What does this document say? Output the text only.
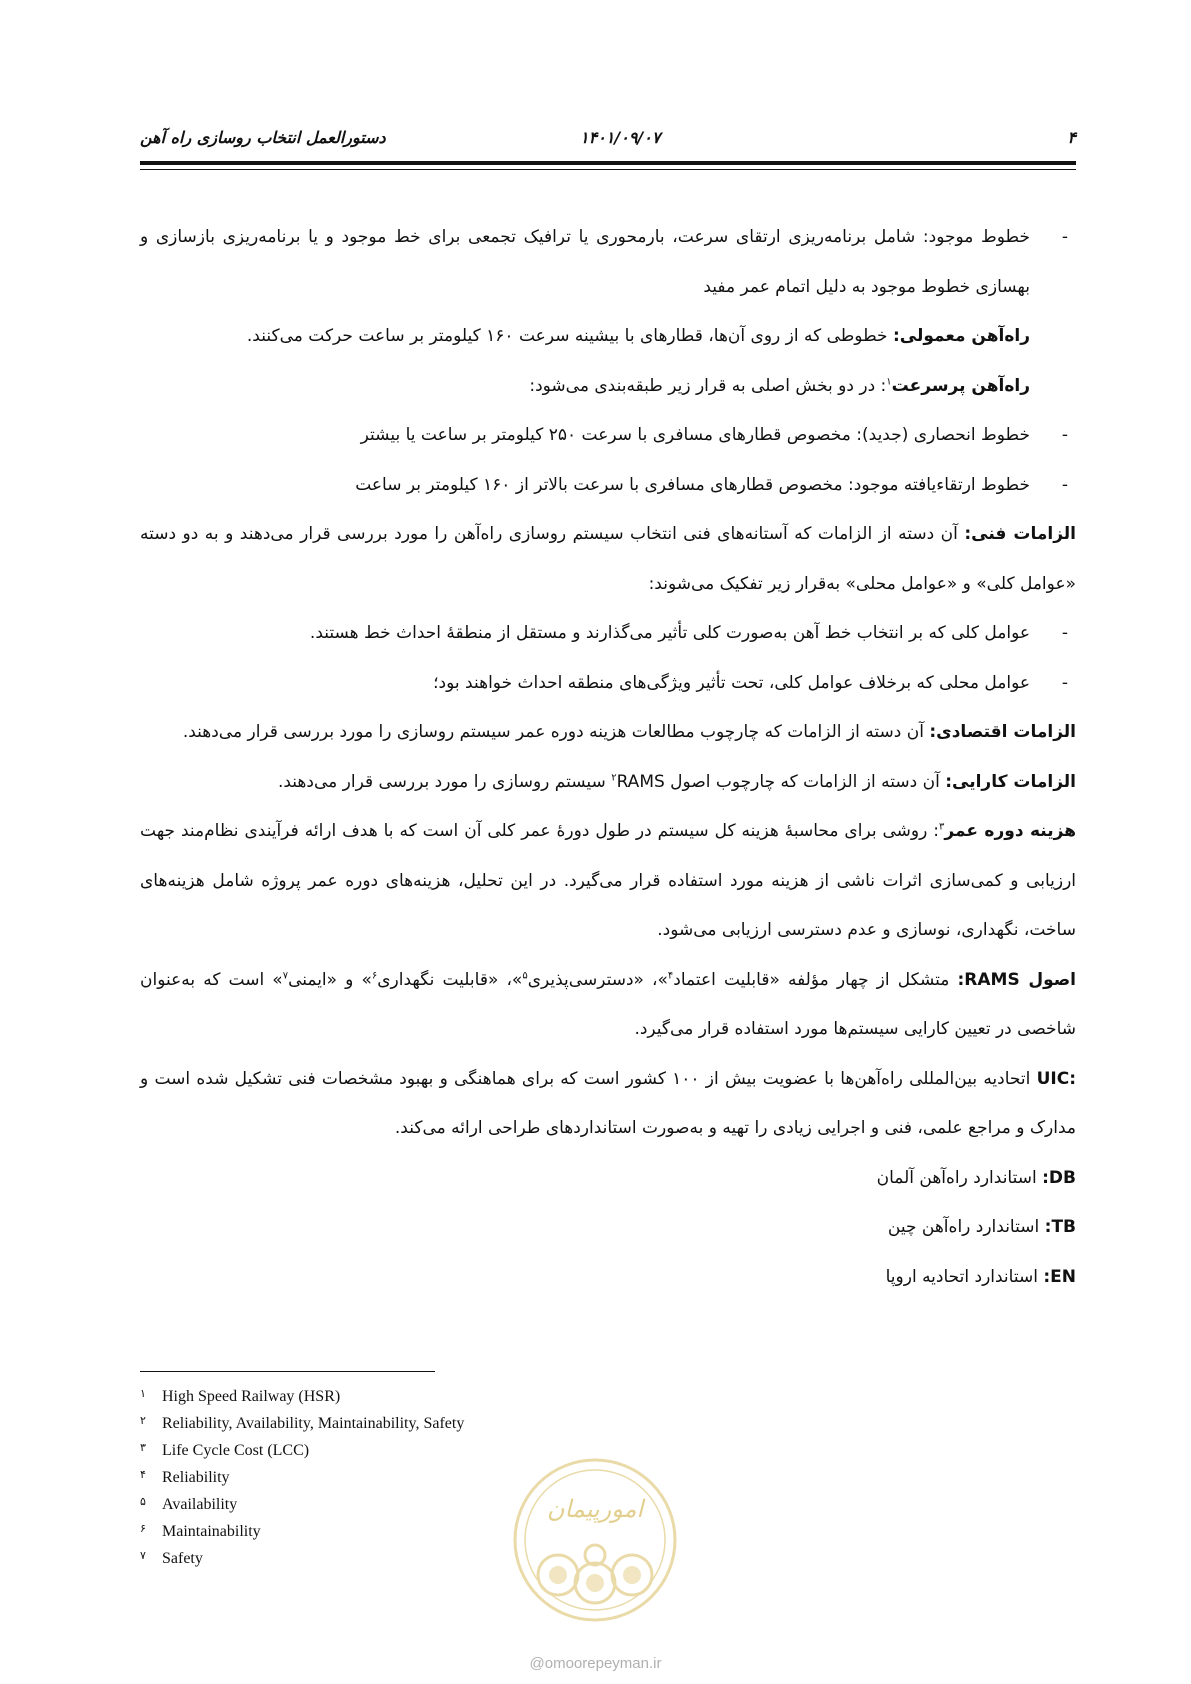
۴
۱۴۰۱/۰۹/۰۷
دستورالعمل انتخاب روسازی راه آهن

- خطوط موجود: شامل برنامه‌ریزی ارتقای سرعت، بارمحوری یا ترافیک تجمعی برای خط موجود و یا برنامه‌ریزی بازسازی و بهسازی خطوط موجود به دلیل اتمام عمر مفید

راه‌آهن معمولی: خطوطی که از روی آن‌ها، قطارهای با بیشینه سرعت ۱۶۰ کیلومتر بر ساعت حرکت می‌کنند.

راه‌آهن پرسرعت$^۱$: در دو بخش اصلی به قرار زیر طبقه‌بندی می‌شود:

- خطوط انحصاری (جدید): مخصوص قطارهای مسافری با سرعت ۲۵۰ کیلومتر بر ساعت یا بیشتر

- خطوط ارتقاءیافته موجود: مخصوص قطارهای مسافری با سرعت بالاتر از ۱۶۰ کیلومتر بر ساعت

الزامات فنی: آن دسته از الزامات که آستانه‌های فنی انتخاب سیستم روسازی راه‌آهن را مورد بررسی قرار می‌دهند و به دو دسته «عوامل کلی» و «عوامل محلی» به‌قرار زیر تفکیک می‌شوند:

- عوامل کلی که بر انتخاب خط آهن به‌صورت کلی تأثیر می‌گذارند و مستقل از منطقهٔ احداث خط هستند.

- عوامل محلی که برخلاف عوامل کلی، تحت تأثیر ویژگی‌های منطقه احداث خواهند بود؛

الزامات اقتصادی: آن دسته از الزامات که چارچوب مطالعات هزینه دوره عمر سیستم روسازی را مورد بررسی قرار می‌دهند.

الزامات کارایی: آن دسته از الزامات که چارچوب اصول RAMS$^۲$ سیستم روسازی را مورد بررسی قرار می‌دهند.

هزینه دوره عمر$^۳$: روشی برای محاسبهٔ هزینه کل سیستم در طول دورهٔ عمر کلی آن است که با هدف ارائه فرآیندی نظام‌مند جهت ارزیابی و کمی‌سازی اثرات ناشی از هزینه مورد استفاده قرار می‌گیرد. در این تحلیل، هزینه‌های دوره عمر پروژه شامل هزینه‌های ساخت، نگهداری، نوسازی و عدم دسترسی ارزیابی می‌شود.

اصول RAMS: متشکل از چهار مؤلفه «قابلیت اعتماد$^۴$»، «دسترسی‌پذیری$^۵$»، «قابلیت نگهداری$^۶$» و «ایمنی$^۷$» است که به‌عنوان شاخصی در تعیین کارایی سیستم‌ها مورد استفاده قرار می‌گیرد.

UIC: اتحادیه بین‌المللی راه‌آهن‌ها با عضویت بیش از ۱۰۰ کشور است که برای هماهنگی و بهبود مشخصات فنی تشکیل شده است و مدارک و مراجع علمی، فنی و اجرایی زیادی را تهیه و به‌صورت استانداردهای طراحی ارائه می‌کند.

DB: استاندارد راه‌آهن آلمان

TB: استاندارد راه‌آهن چین

EN: استاندارد اتحادیه اروپا

۱ High Speed Railway (HSR)
۲ Reliability, Availability, Maintainability, Safety
۳ Life Cycle Cost (LCC)
۴ Reliability
۵ Availability
۶ Maintainability
۷ Safety
امورپیمان
@omoorepeyman.ir
